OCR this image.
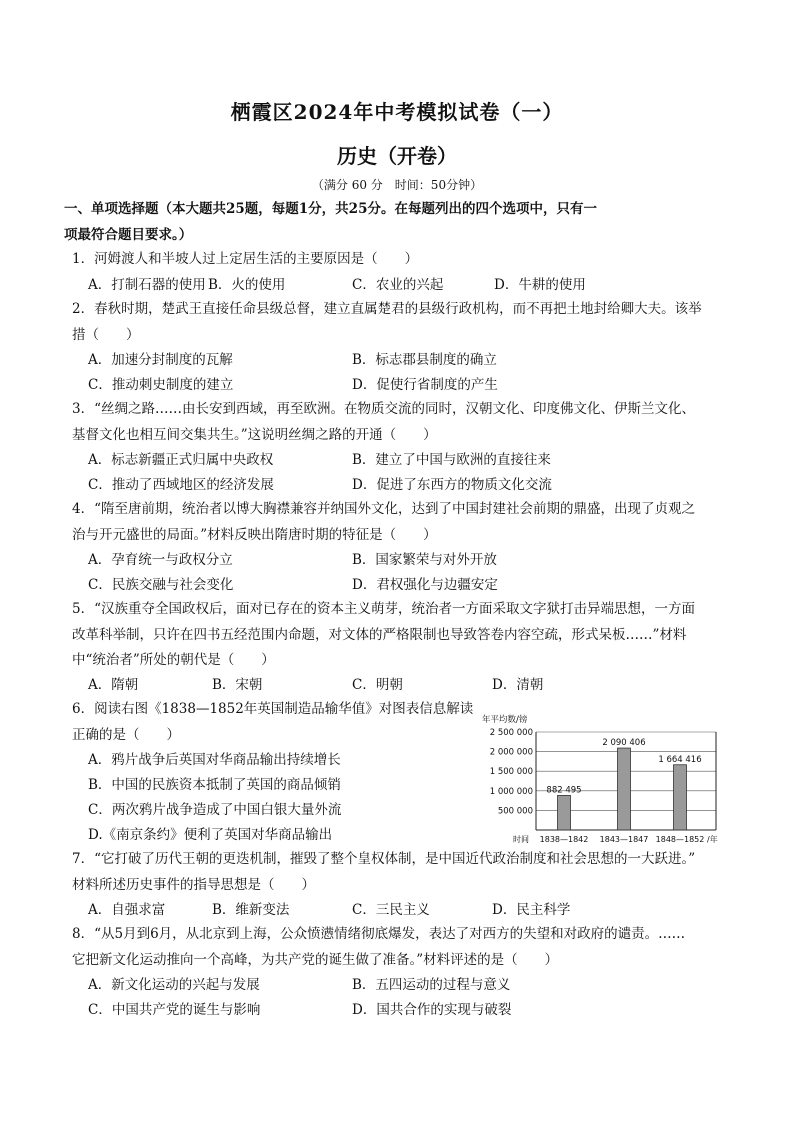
栖霞区2024年中考模拟试卷（一）
历史（开卷）
（满分 60 分　时间：50分钟）
一、单项选择题（本大题共25题，每题1分，共25分。在每题列出的四个选项中，只有一
项最符合题目要求。）
1．河姆渡人和半坡人过上定居生活的主要原因是（　　）
A．打制石器的使用 B．火的使用	C．农业的兴起	D．牛耕的使用
2．春秋时期，楚武王直接任命县级总督，建立直属楚君的县级行政机构，而不再把土地封给卿大夫。该举
措（　　）
A．加速分封制度的瓦解	B．标志郡县制度的确立
C．推动刺史制度的建立	D．促使行省制度的产生
3．“丝绸之路……由长安到西域，再至欧洲。在物质交流的同时，汉朝文化、印度佛文化、伊斯兰文化、
基督文化也相互间交集共生。”这说明丝绸之路的开通（　　）
A．标志新疆正式归属中央政权	B．建立了中国与欧洲的直接往来
C．推动了西域地区的经济发展	D．促进了东西方的物质文化交流
4．“隋至唐前期，统治者以博大胸襟兼容并纳国外文化，达到了中国封建社会前期的鼎盛，出现了贞观之
治与开元盛世的局面。”材料反映出隋唐时期的特征是（　　）
A．孕育统一与政权分立	B．国家繁荣与对外开放
C．民族交融与社会变化	D．君权强化与边疆安定
5．“汉族重夺全国政权后，面对已存在的资本主义萌芽，统治者一方面采取文字狱打击异端思想，一方面
改革科举制，只许在四书五经范围内命题，对文体的严格限制也导致答卷内容空疏，形式呆板……”材料
中“统治者”所处的朝代是（　　）
A．隋朝	B．宋朝	C．明朝	D．清朝
6．阅读右图《1838—1852年英国制造品输华值》对图表信息解读
正确的是（　　）
A．鸦片战争后英国对华商品输出持续增长
B．中国的民族资本抵制了英国的商品倾销
C．两次鸦片战争造成了中国白银大量外流
D.《南京条约》便利了英国对华商品输出
年平均数/镑
2 500 000
2 000 000
1 500 000
1 000 000
500 000
882 495
2 090 406
1 664 416
时间 1838—1842 1843—1847 1848—1852 /年
7．“它打破了历代王朝的更迭机制，摧毁了整个皇权体制，是中国近代政治制度和社会思想的一大跃进。”
材料所述历史事件的指导思想是（　　）
A．自强求富	B．维新变法	C．三民主义	D．民主科学
8．“从5月到6月，从北京到上海，公众愤懑情绪彻底爆发，表达了对西方的失望和对政府的谴责。……
它把新文化运动推向一个高峰，为共产党的诞生做了准备。”材料评述的是（　　）
A．新文化运动的兴起与发展	B．五四运动的过程与意义
C．中国共产党的诞生与影响	D．国共合作的实现与破裂
